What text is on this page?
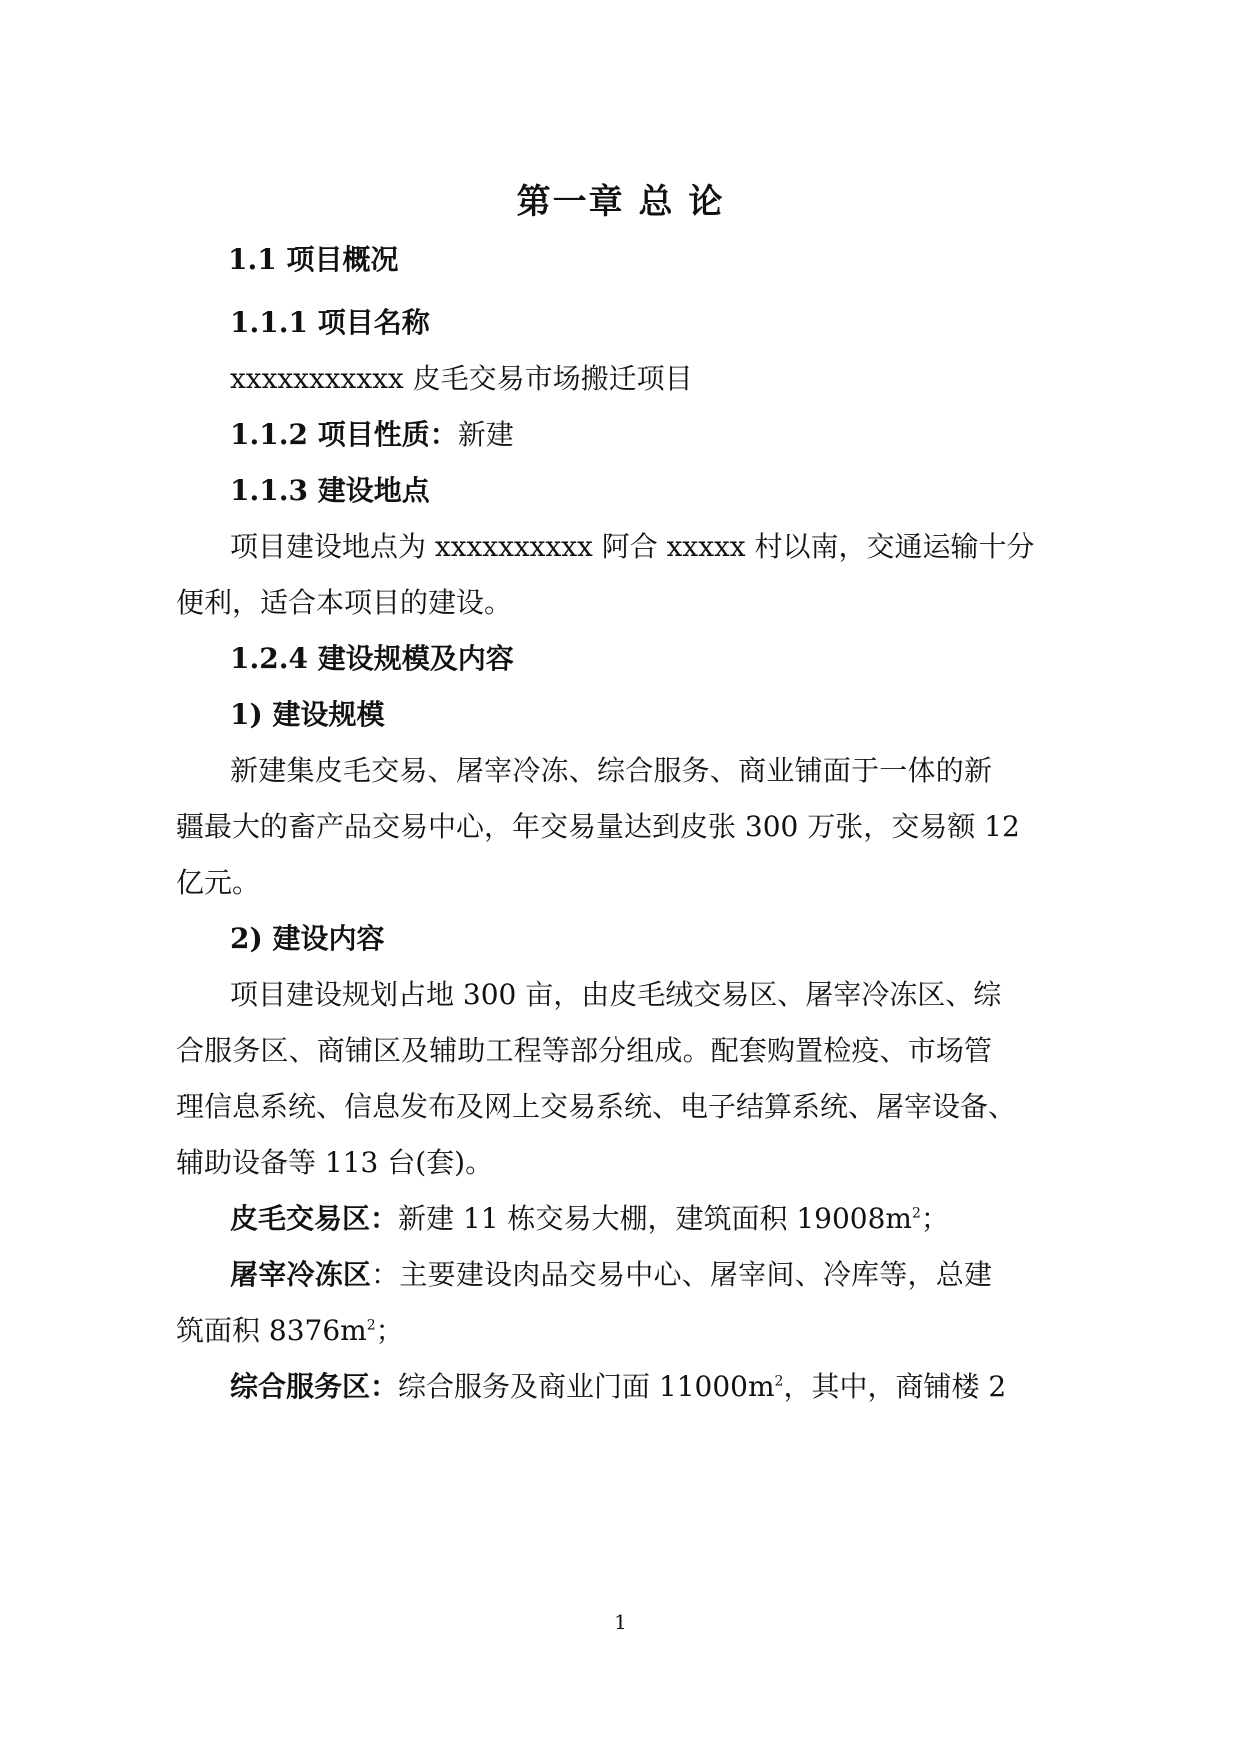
第一章 总 论
1.1 项目概况
1.1.1 项目名称
xxxxxxxxxxx 皮毛交易市场搬迁项目
1.1.2 项目性质：新建
1.1.3 建设地点
项目建设地点为 xxxxxxxxxx 阿合 xxxxx 村以南，交通运输十分
便利，适合本项目的建设。
1.2.4 建设规模及内容
1) 建设规模
新建集皮毛交易、屠宰冷冻、综合服务、商业铺面于一体的新
疆最大的畜产品交易中心，年交易量达到皮张 300 万张，交易额 12
亿元。
2) 建设内容
项目建设规划占地 300 亩，由皮毛绒交易区、屠宰冷冻区、综
合服务区、商铺区及辅助工程等部分组成。配套购置检疫、市场管
理信息系统、信息发布及网上交易系统、电子结算系统、屠宰设备、
辅助设备等 113 台(套)。
皮毛交易区：新建 11 栋交易大棚，建筑面积 $19008m^2$；
屠宰冷冻区：主要建设肉品交易中心、屠宰间、冷库等，总建
筑面积 $8376m^2$；
综合服务区：综合服务及商业门面 $11000m^2$，其中，商铺楼 2
1
